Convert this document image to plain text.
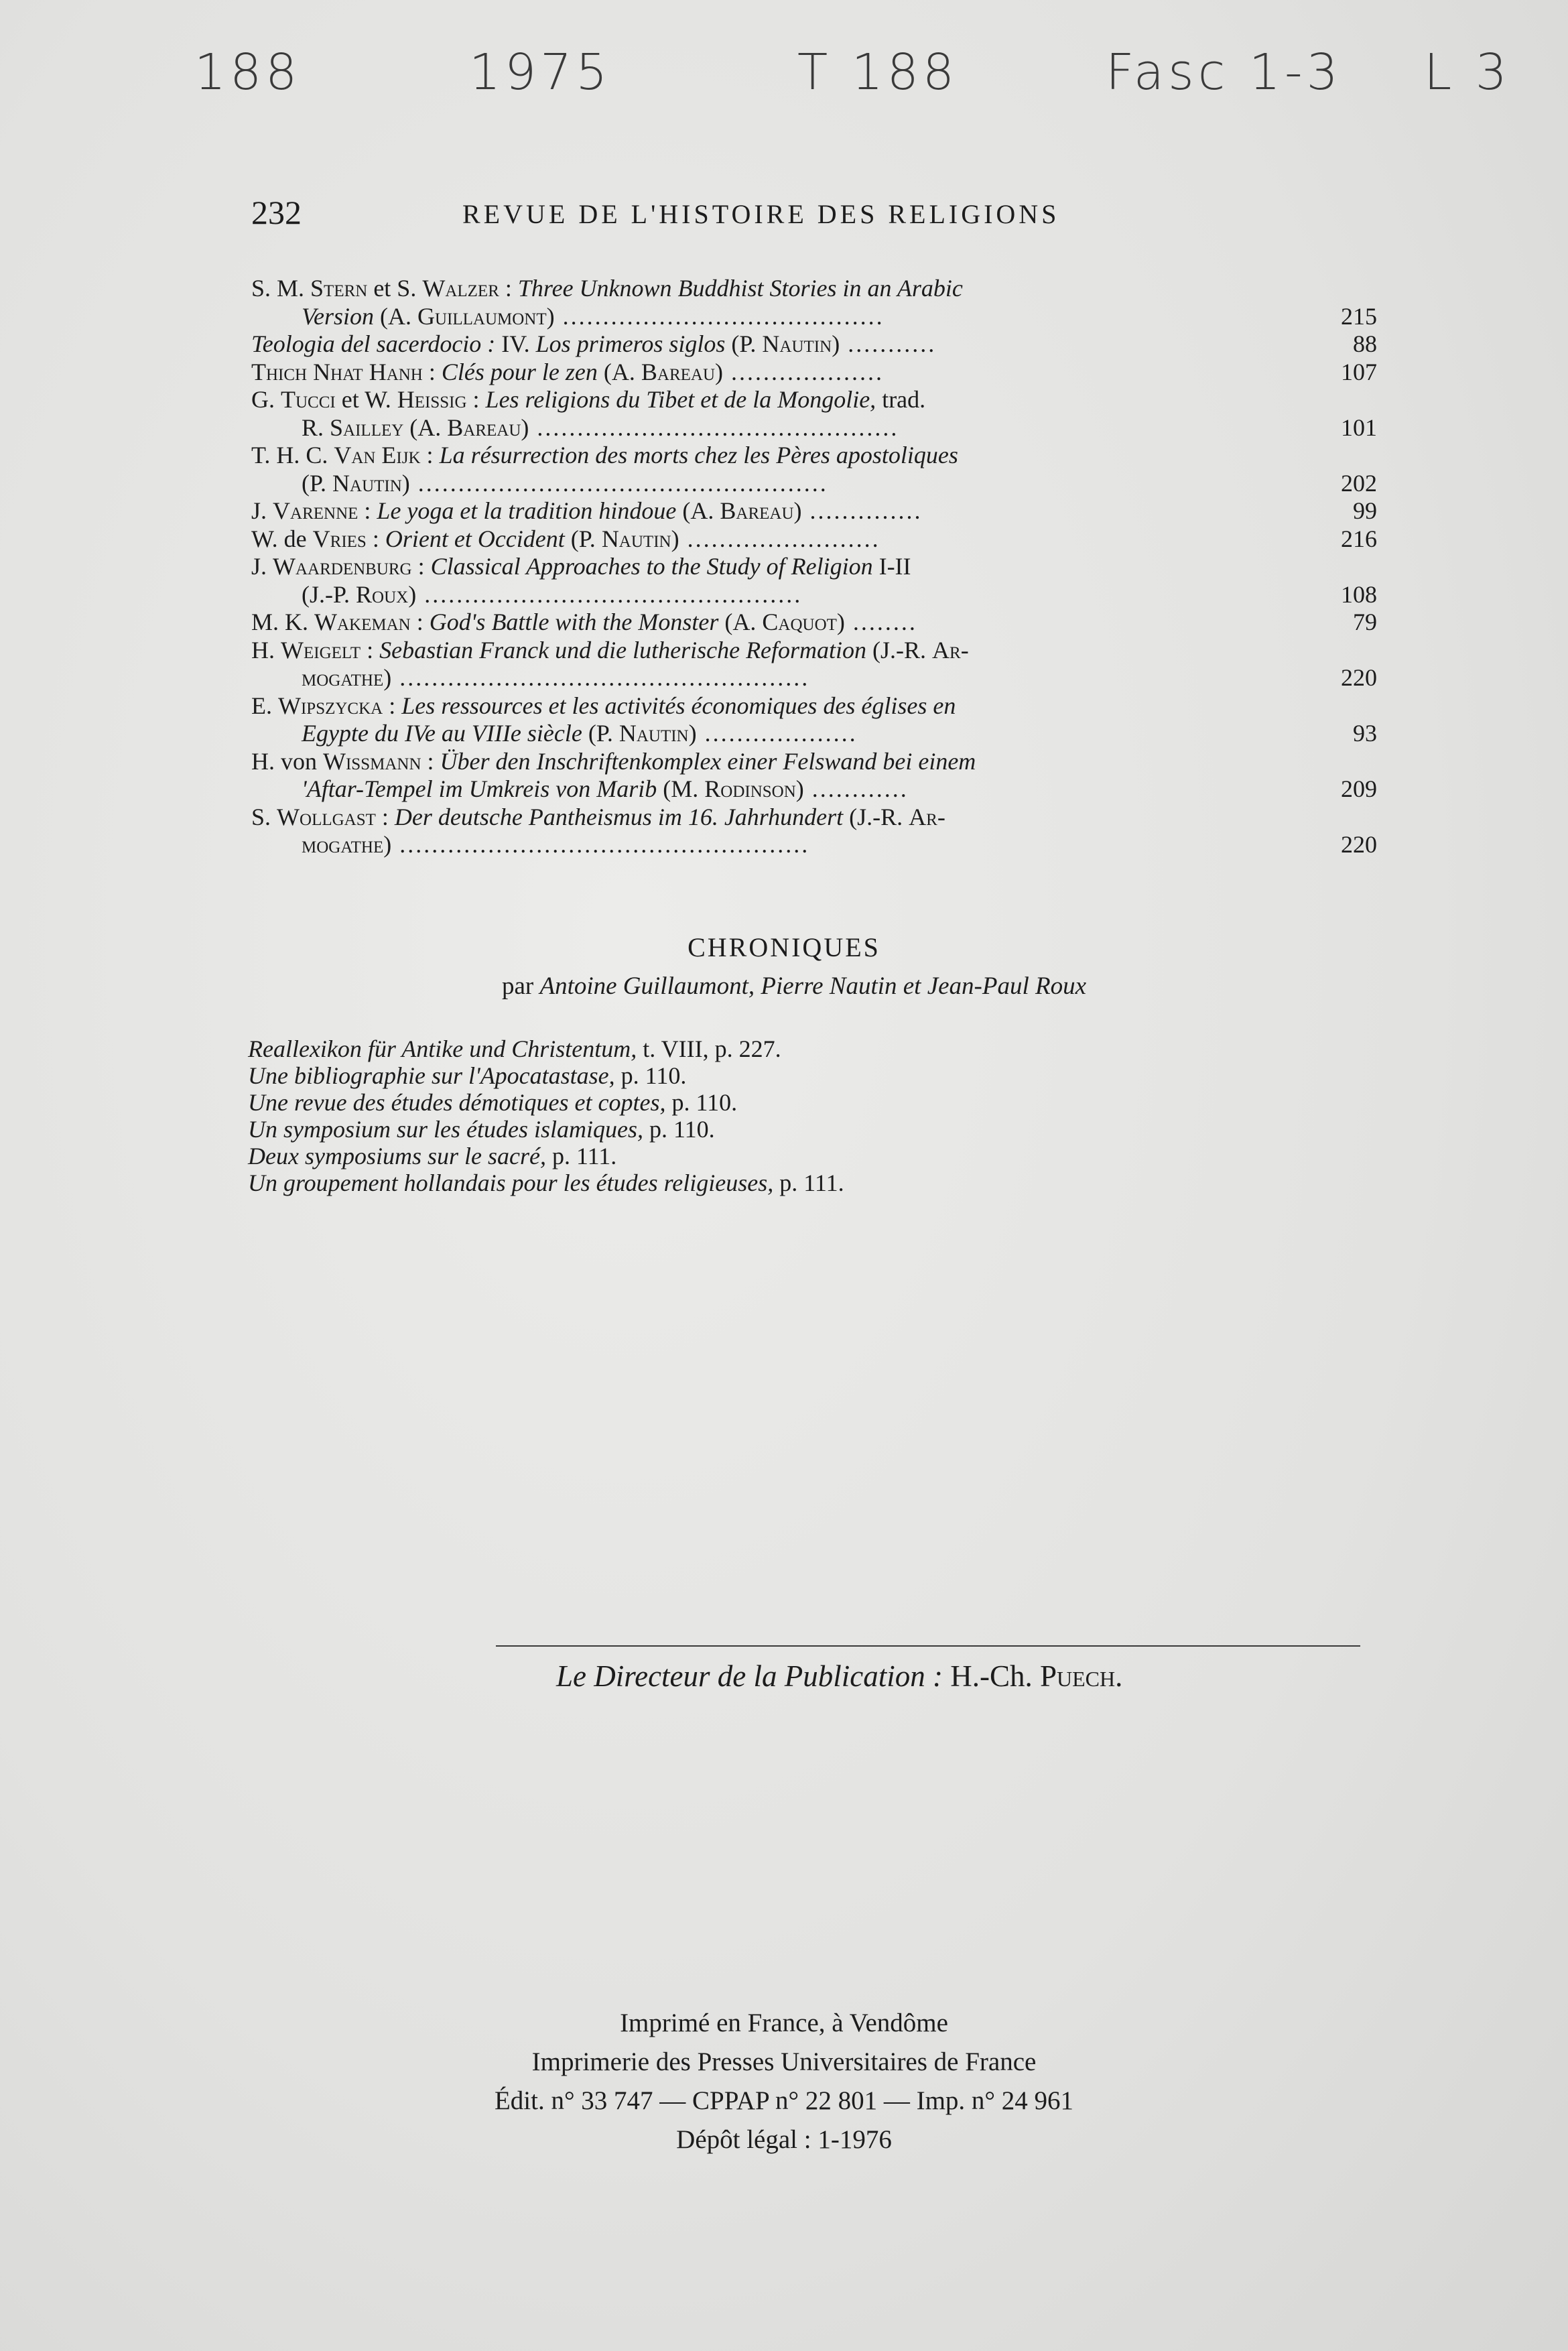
188	1975	T 188	Fasc 1-3 L 3
232	REVUE DE L'HISTOIRE DES RELIGIONS
S. M. Stern et S. Walzer : Three Unknown Buddhist Stories in an Arabic
Version (A. Guillaumont) ........................................	215
Teologia del sacerdocio : IV. Los primeros siglos (P. Nautin) ...........	88
Thich Nhat Hanh : Clés pour le zen (A. Bareau) ...................	107
G. Tucci et W. Heissig : Les religions du Tibet et de la Mongolie, trad.
R. Sailley (A. Bareau) .............................................	101
T. H. C. Van Eijk : La résurrection des morts chez les Pères apostoliques
(P. Nautin) ...................................................	202
J. Varenne : Le yoga et la tradition hindoue (A. Bareau) ..............	99
W. de Vries : Orient et Occident (P. Nautin) ........................	216
J. Waardenburg : Classical Approaches to the Study of Religion I-II
(J.-P. Roux) ...............................................	108
M. K. Wakeman : God's Battle with the Monster (A. Caquot) ........	79
H. Weigelt : Sebastian Franck und die lutherische Reformation (J.-R. Ar-
mogathe) ...................................................	220
E. Wipszycka : Les ressources et les activités économiques des églises en
Egypte du IVe au VIIIe siècle (P. Nautin) ...................	93
H. von Wissmann : Über den Inschriftenkomplex einer Felswand bei einem
'Aftar-Tempel im Umkreis von Marib (M. Rodinson) ............	209
S. Wollgast : Der deutsche Pantheismus im 16. Jahrhundert (J.-R. Ar-
mogathe) ...................................................	220
CHRONIQUES
par Antoine Guillaumont, Pierre Nautin et Jean-Paul Roux
Reallexikon für Antike und Christentum, t. VIII, p. 227.
Une bibliographie sur l'Apocatastase, p. 110.
Une revue des études démotiques et coptes, p. 110.
Un symposium sur les études islamiques, p. 110.
Deux symposiums sur le sacré, p. 111.
Un groupement hollandais pour les études religieuses, p. 111.
Le Directeur de la Publication : H.-Ch. Puech.
Imprimé en France, à Vendôme
Imprimerie des Presses Universitaires de France
Édit. n° 33 747 — CPPAP n° 22 801 — Imp. n° 24 961
Dépôt légal : 1-1976
